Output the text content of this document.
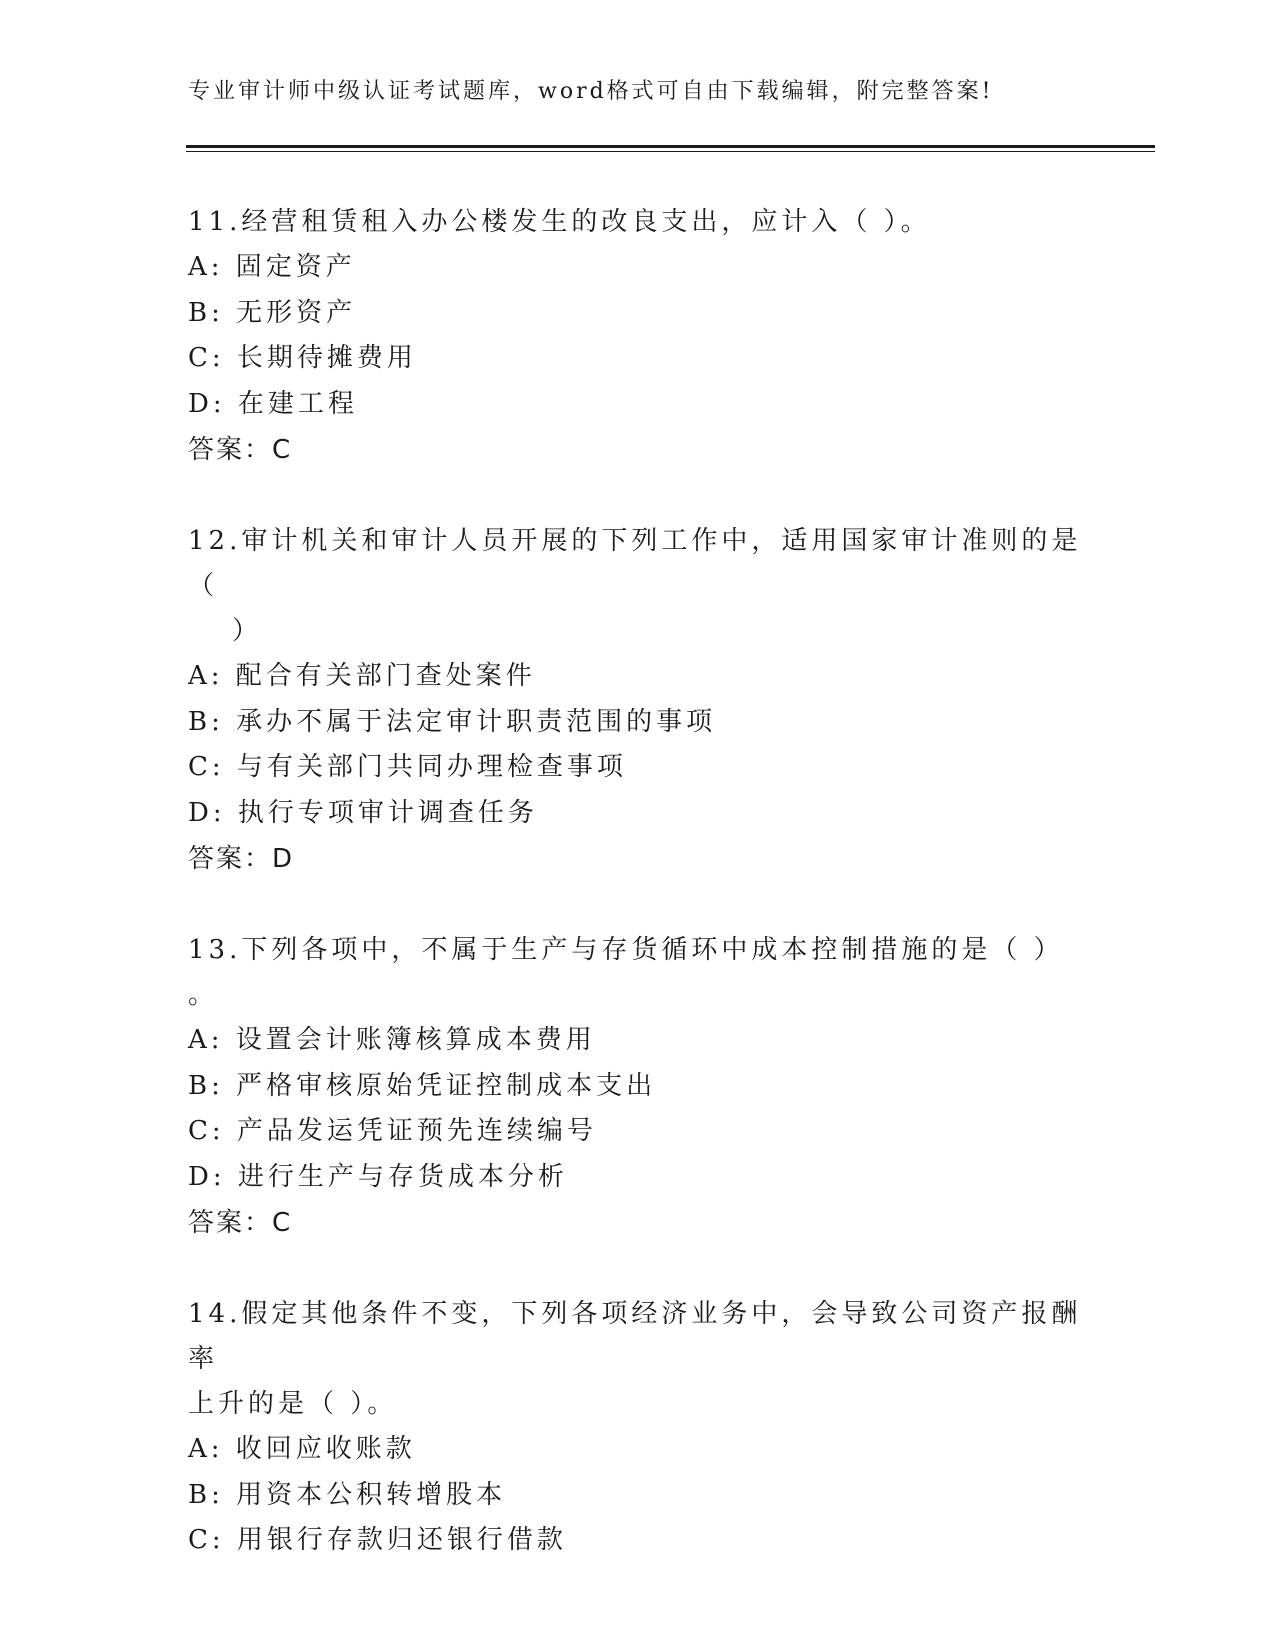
专业审计师中级认证考试题库，word格式可自由下载编辑，附完整答案!

11.经营租赁租入办公楼发生的改良支出，应计入（ ）。

A: 固定资产

B: 无形资产

C: 长期待摊费用

D: 在建工程

答案：C

12.审计机关和审计人员开展的下列工作中，适用国家审计准则的是（

）

A: 配合有关部门查处案件

B: 承办不属于法定审计职责范围的事项

C: 与有关部门共同办理检查事项

D: 执行专项审计调查任务

答案：D

13.下列各项中，不属于生产与存货循环中成本控制措施的是（ ）

。

A: 设置会计账簿核算成本费用

B: 严格审核原始凭证控制成本支出

C: 产品发运凭证预先连续编号

D: 进行生产与存货成本分析

答案：C

14.假定其他条件不变，下列各项经济业务中，会导致公司资产报酬率

上升的是（ ）。

A: 收回应收账款

B: 用资本公积转增股本

C: 用银行存款归还银行借款
